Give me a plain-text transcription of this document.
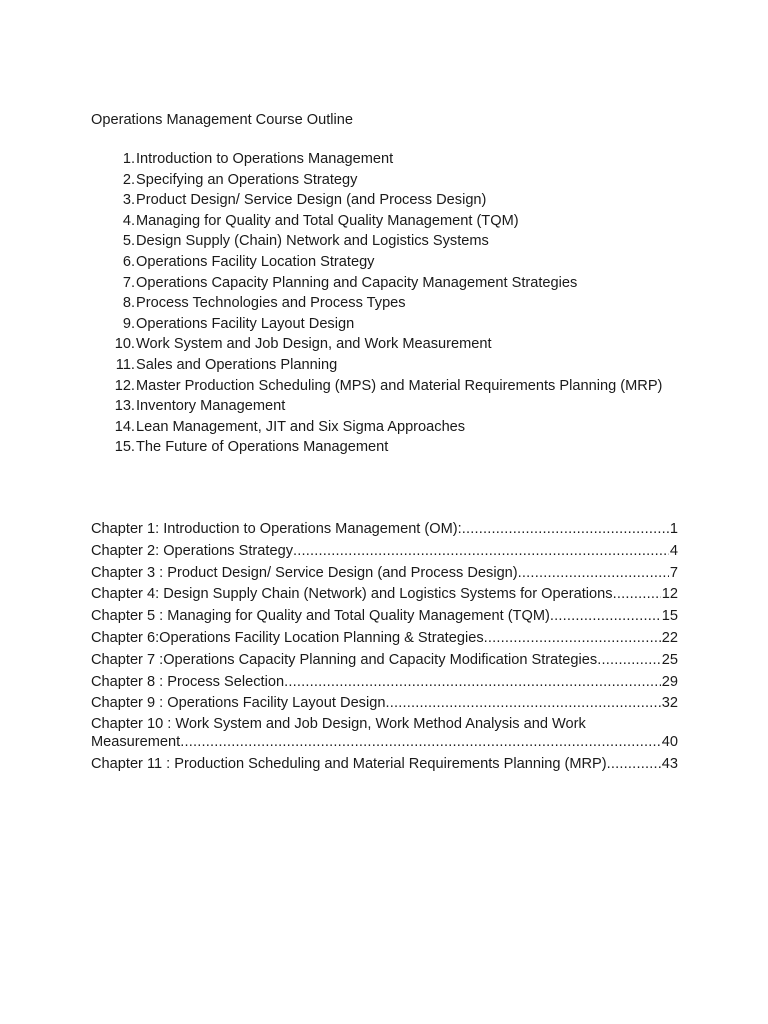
Operations Management Course Outline
1. Introduction to Operations Management
2. Specifying an Operations Strategy
3. Product Design/ Service Design (and Process Design)
4. Managing for Quality and Total Quality Management (TQM)
5. Design Supply (Chain) Network and Logistics Systems
6. Operations Facility Location Strategy
7. Operations Capacity Planning and Capacity Management Strategies
8. Process Technologies and Process Types
9. Operations Facility Layout Design
10. Work System and Job Design, and Work Measurement
11. Sales and Operations Planning
12. Master Production Scheduling (MPS) and Material Requirements Planning (MRP)
13. Inventory Management
14. Lean Management, JIT and Six Sigma Approaches
15. The Future of Operations Management
Chapter 1: Introduction to Operations Management (OM): .....	1
Chapter 2: Operations Strategy .....	4
Chapter 3 : Product Design/ Service Design (and Process Design) .....	7
Chapter 4: Design Supply Chain (Network) and Logistics Systems for Operations .....	12
Chapter 5 : Managing for Quality and Total Quality Management (TQM) .....	15
Chapter 6:Operations Facility Location Planning & Strategies .....	22
Chapter 7 :Operations Capacity Planning and Capacity Modification Strategies .....	25
Chapter 8 : Process Selection .....	29
Chapter 9 : Operations Facility Layout Design .....	32
Chapter 10 : Work System and Job Design, Work Method Analysis and Work
Measurement .....	40
Chapter 11 : Production Scheduling and Material Requirements Planning (MRP) .....	43
